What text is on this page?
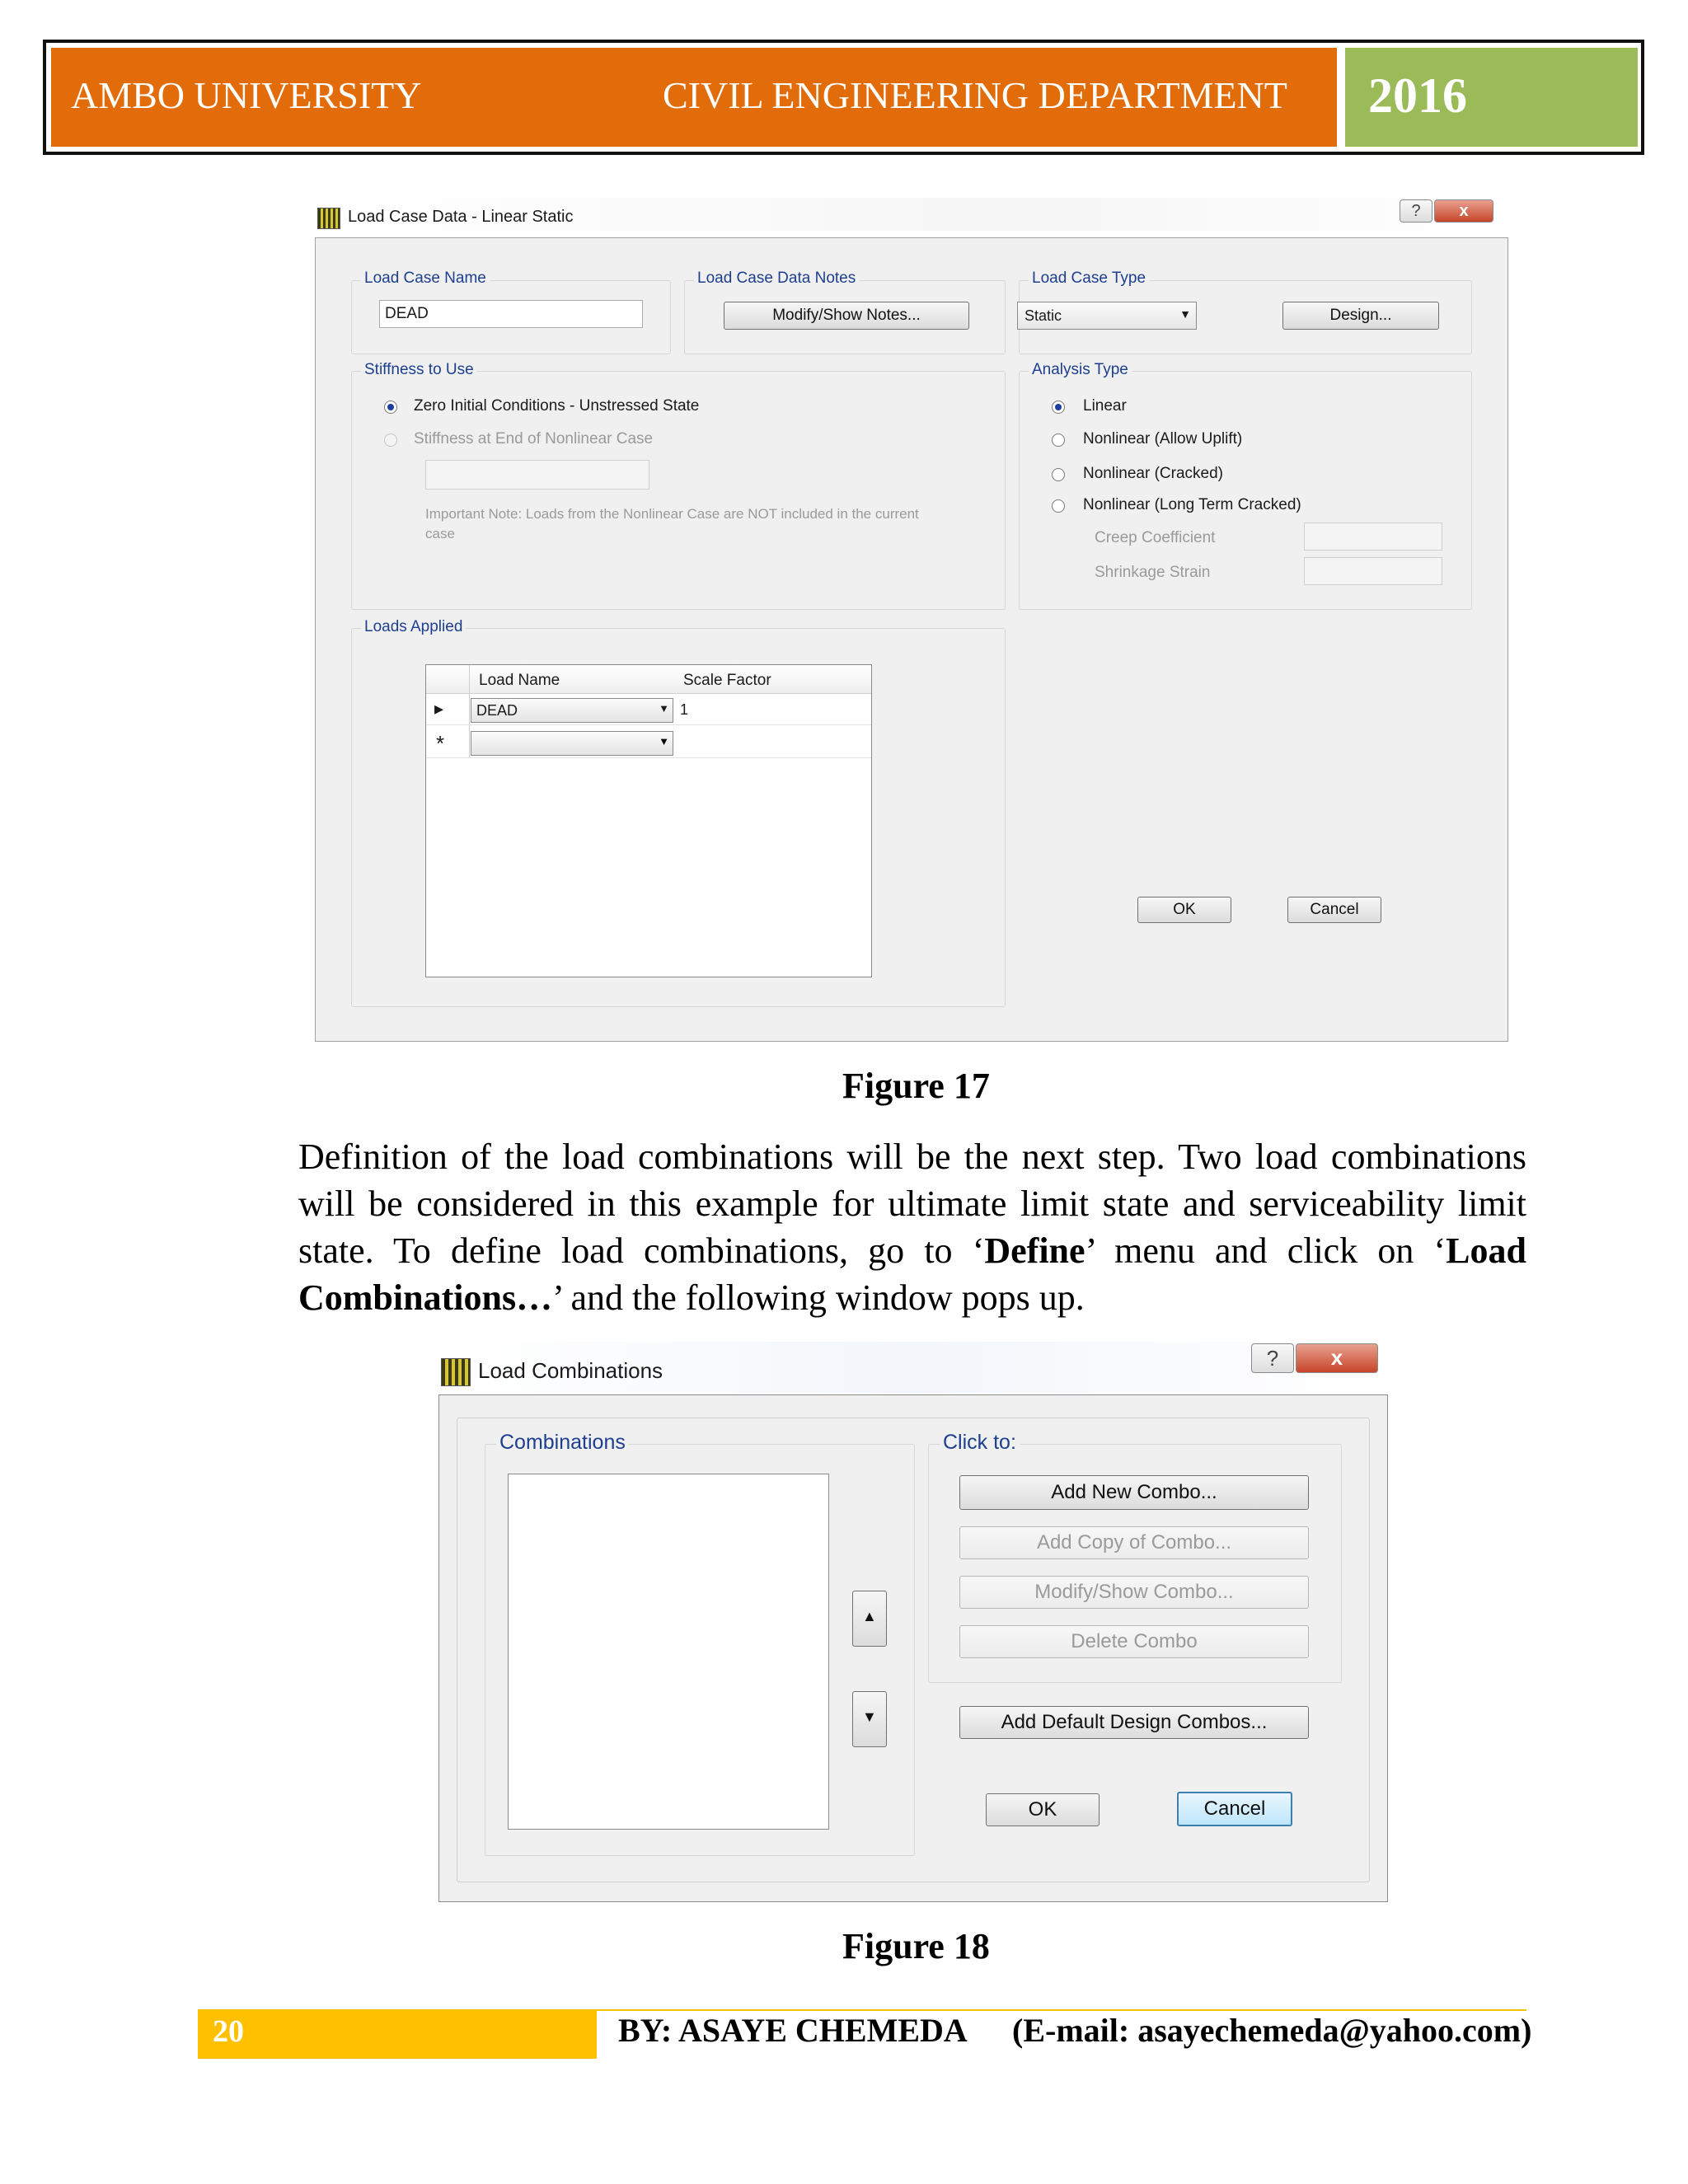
AMBO UNIVERSITY	CIVIL ENGINEERING DEPARTMENT 2016
Load Case Data - Linear Static	?	x
Load Case Name
DEAD
Load Case Data Notes
Modify/Show Notes...
Load Case Type
Static	▼	Design...
Stiffness to Use
Zero Initial Conditions - Unstressed State
Stiffness at End of Nonlinear Case
Important Note: Loads from the Nonlinear Case are NOT included in the current case
Analysis Type
Linear
Nonlinear (Allow Uplift)
Nonlinear (Cracked)
Nonlinear (Long Term Cracked)
Creep Coefficient
Shrinkage Strain
Loads Applied
Load Name	Scale Factor
▸ DEAD	▼ 1
*	▼
OK	Cancel
Figure 17
Definition of the load combinations will be the next step. Two load combinations will be considered in this example for ultimate limit state and serviceability limit state. To define load combinations, go to ‘Define’ menu and click on ‘Load Combinations…’ and the following window pops up.
Load Combinations	?	x
Combinations
▲
▼
Click to:
Add New Combo...
Add Copy of Combo...
Modify/Show Combo...
Delete Combo
Add Default Design Combos...
OK	Cancel
Figure 18
20	BY: ASAYE CHEMEDA (E-mail: asayechemeda@yahoo.com)
